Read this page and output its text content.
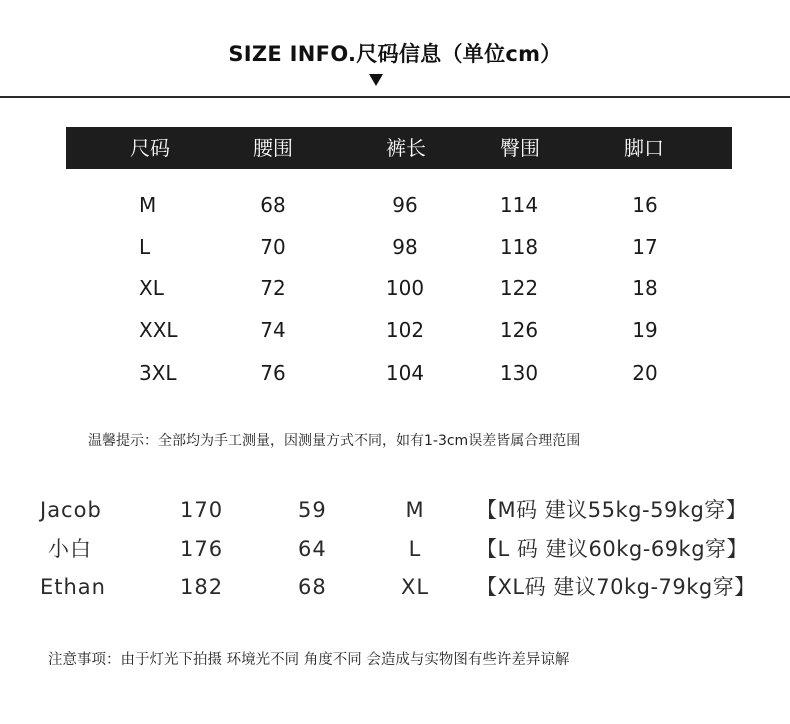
SIZE INFO.尺码信息（单位cm）
尺码	腰围	裤长	臀围	脚口
M	68	96	114	16
L	70	98	118	17
XL	72	100	122	18
XXL	74	102	126	19
3XL	76	104	130	20
温馨提示：全部均为手工测量，因测量方式不同，如有1-3cm误差皆属合理范围
Jacob	170	59	M	【M码 建议55kg-59kg穿】
小白	176	64	L	【L 码 建议60kg-69kg穿】
Ethan	182	68	XL	【XL码 建议70kg-79kg穿】
注意事项：由于灯光下拍摄 环境光不同 角度不同 会造成与实物图有些许差异谅解
